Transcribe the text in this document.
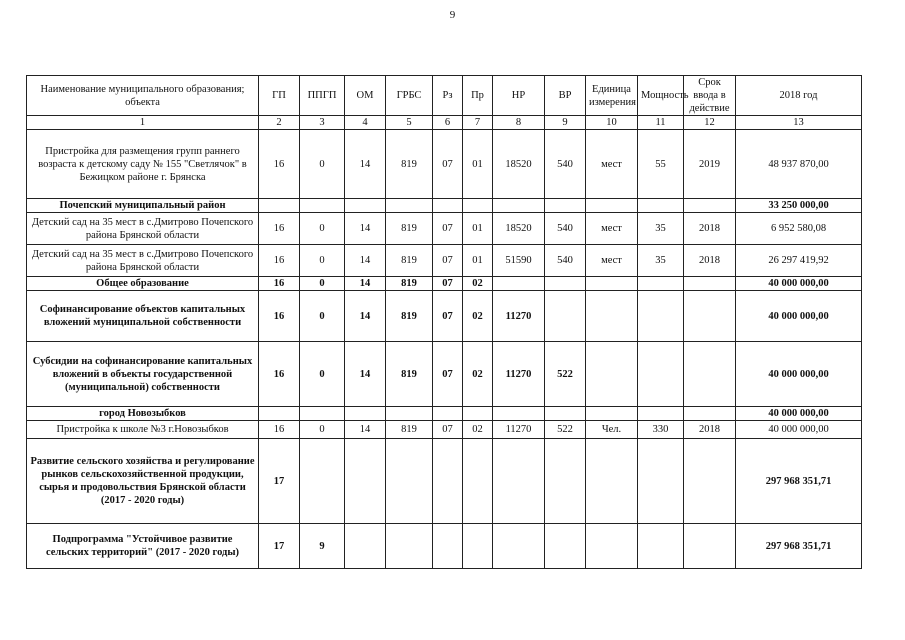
9
Наименование муниципального образования; объекта	ГП	ППГП	ОМ	ГРБС	Рз	Пр	НР	ВР	Единица измерения	Мощность	Срок ввода в действие	2018 год
1	2	3	4	5	6	7	8	9	10	11	12	13
Пристройка для размещения групп раннего возраста к детскому саду № 155 "Светлячок" в Бежицком районе г. Брянска	16	0	14	819	07	01	18520	540	мест	55	2019	48 937 870,00
Почепский муниципальный район												33 250 000,00
Детский сад на 35 мест в с.Дмитрово Почепского района Брянской области	16	0	14	819	07	01	18520	540	мест	35	2018	6 952 580,08
Детский сад на 35 мест в с.Дмитрово Почепского района Брянской области	16	0	14	819	07	01	51590	540	мест	35	2018	26 297 419,92
Общее образование	16	0	14	819	07	02						40 000 000,00
Софинансирование объектов капитальных вложений муниципальной собственности	16	0	14	819	07	02	11270					40 000 000,00
Субсидии на софинансирование капитальных вложений в объекты государственной (муниципальной) собственности	16	0	14	819	07	02	11270	522				40 000 000,00
город Новозыбков												40 000 000,00
Пристройка к школе №3 г.Новозыбков	16	0	14	819	07	02	11270	522	Чел.	330	2018	40 000 000,00
Развитие сельского хозяйства и регулирование рынков сельскохозяйственной продукции, сырья и продовольствия Брянской области (2017 - 2020 годы)	17											297 968 351,71
Подпрограмма "Устойчивое развитие сельских территорий" (2017 - 2020 годы)	17	9										297 968 351,71
